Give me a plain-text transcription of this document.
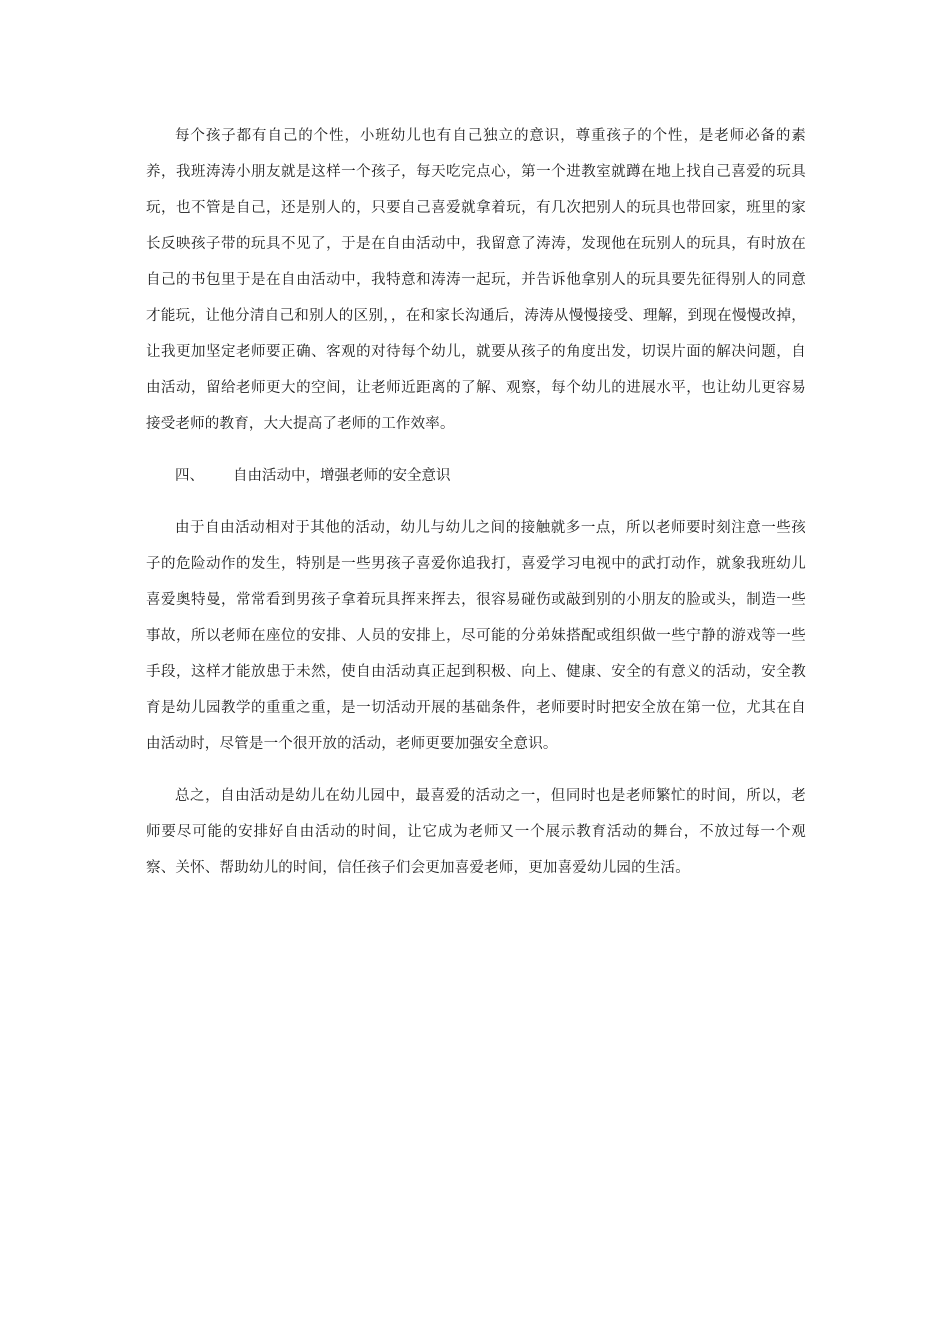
每个孩子都有自己的个性，小班幼儿也有自己独立的意识，尊重孩子的个性，是老师必备的素养，我班涛涛小朋友就是这样一个孩子，每天吃完点心，第一个进教室就蹲在地上找自己喜爱的玩具玩，也不管是自己，还是别人的，只要自己喜爱就拿着玩，有几次把别人的玩具也带回家，班里的家长反映孩子带的玩具不见了，于是在自由活动中，我留意了涛涛，发现他在玩别人的玩具，有时放在自己的书包里于是在自由活动中，我特意和涛涛一起玩，并告诉他拿别人的玩具要先征得别人的同意才能玩，让他分清自己和别人的区别，，在和家长沟通后，涛涛从慢慢接受、理解，到现在慢慢改掉，让我更加坚定老师要正确、客观的对待每个幼儿，就要从孩子的角度出发，切误片面的解决问题，自由活动，留给老师更大的空间，让老师近距离的了解、观察，每个幼儿的进展水平，也让幼儿更容易接受老师的教育，大大提高了老师的工作效率。

四、	自由活动中，增强老师的安全意识

由于自由活动相对于其他的活动，幼儿与幼儿之间的接触就多一点，所以老师要时刻注意一些孩子的危险动作的发生，特别是一些男孩子喜爱你追我打，喜爱学习电视中的武打动作，就象我班幼儿喜爱奥特曼，常常看到男孩子拿着玩具挥来挥去，很容易碰伤或敲到别的小朋友的脸或头，制造一些事故，所以老师在座位的安排、人员的安排上，尽可能的分弟妹搭配或组织做一些宁静的游戏等一些手段，这样才能放患于未然，使自由活动真正起到积极、向上、健康、安全的有意义的活动，安全教育是幼儿园教学的重重之重，是一切活动开展的基础条件，老师要时时把安全放在第一位，尤其在自由活动时，尽管是一个很开放的活动，老师更要加强安全意识。

总之，自由活动是幼儿在幼儿园中，最喜爱的活动之一，但同时也是老师繁忙的时间，所以，老师要尽可能的安排好自由活动的时间，让它成为老师又一个展示教育活动的舞台，不放过每一个观察、关怀、帮助幼儿的时间，信任孩子们会更加喜爱老师，更加喜爱幼儿园的生活。
